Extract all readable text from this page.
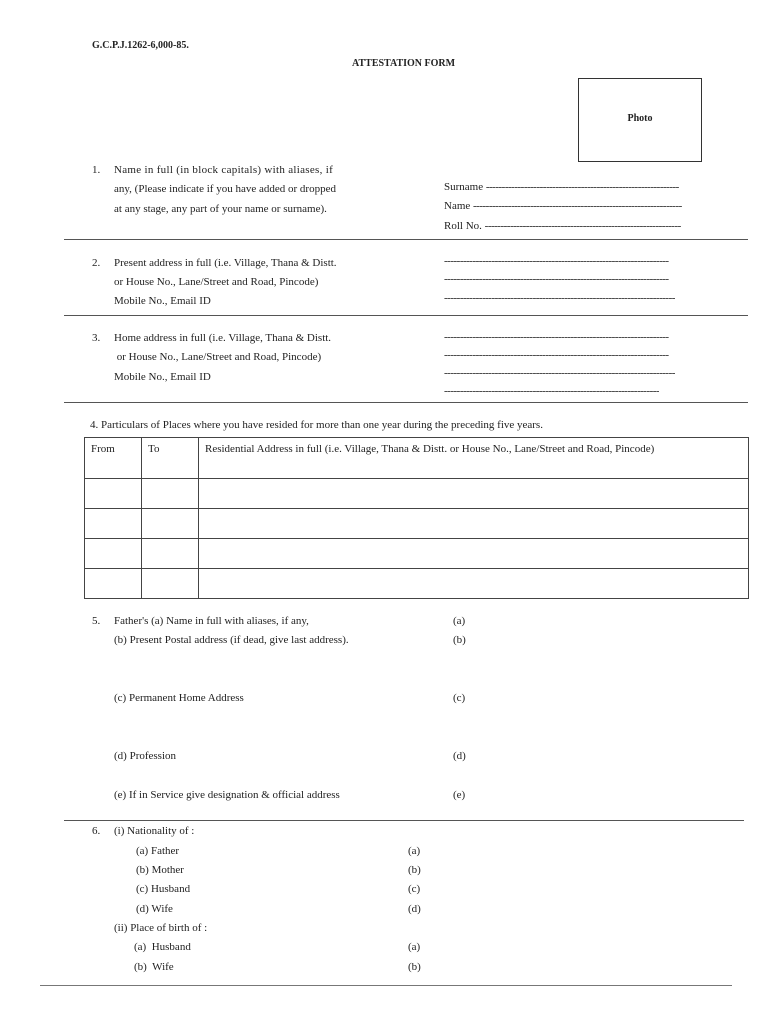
G.C.P.J.1262-6,000-85.
ATTESTATION FORM
Photo
1. Name in full (in block capitals) with aliases, if
any, (Please indicate if you have added or dropped
at any stage, any part of your name or surname).
Surname -------------------------------------------------------------
Name ------------------------------------------------------------------
Roll No. --------------------------------------------------------------
2. Present address in full (i.e. Village, Thana & Distt.
or House No., Lane/Street and Road, Pincode)
Mobile No., Email ID
-----------------------------------------------------------------------
-----------------------------------------------------------------------
-------------------------------------------------------------------------
3. Home address in full (i.e. Village, Thana & Distt.
or House No., Lane/Street and Road, Pincode)
Mobile No., Email ID
-----------------------------------------------------------------------
-----------------------------------------------------------------------
-------------------------------------------------------------------------
--------------------------------------------------------------------
4. Particulars of Places where you have resided for more than one year during the preceding five years.
From	To	Residential Address in full (i.e. Village, Thana & Distt. or House No., Lane/Street and Road, Pincode)

5. Father's (a) Name in full with aliases, if any,	(a)
(b) Present Postal address (if dead, give last address).	(b)
(c) Permanent Home Address	(c)
(d) Profession	(d)
(e) If in Service give designation & official address	(e)
6. (i) Nationality of :
(a) Father	(a)
(b) Mother	(b)
(c) Husband	(c)
(d) Wife	(d)
(ii) Place of birth of :
(a)  Husband	(a)
(b)  Wife	(b)
